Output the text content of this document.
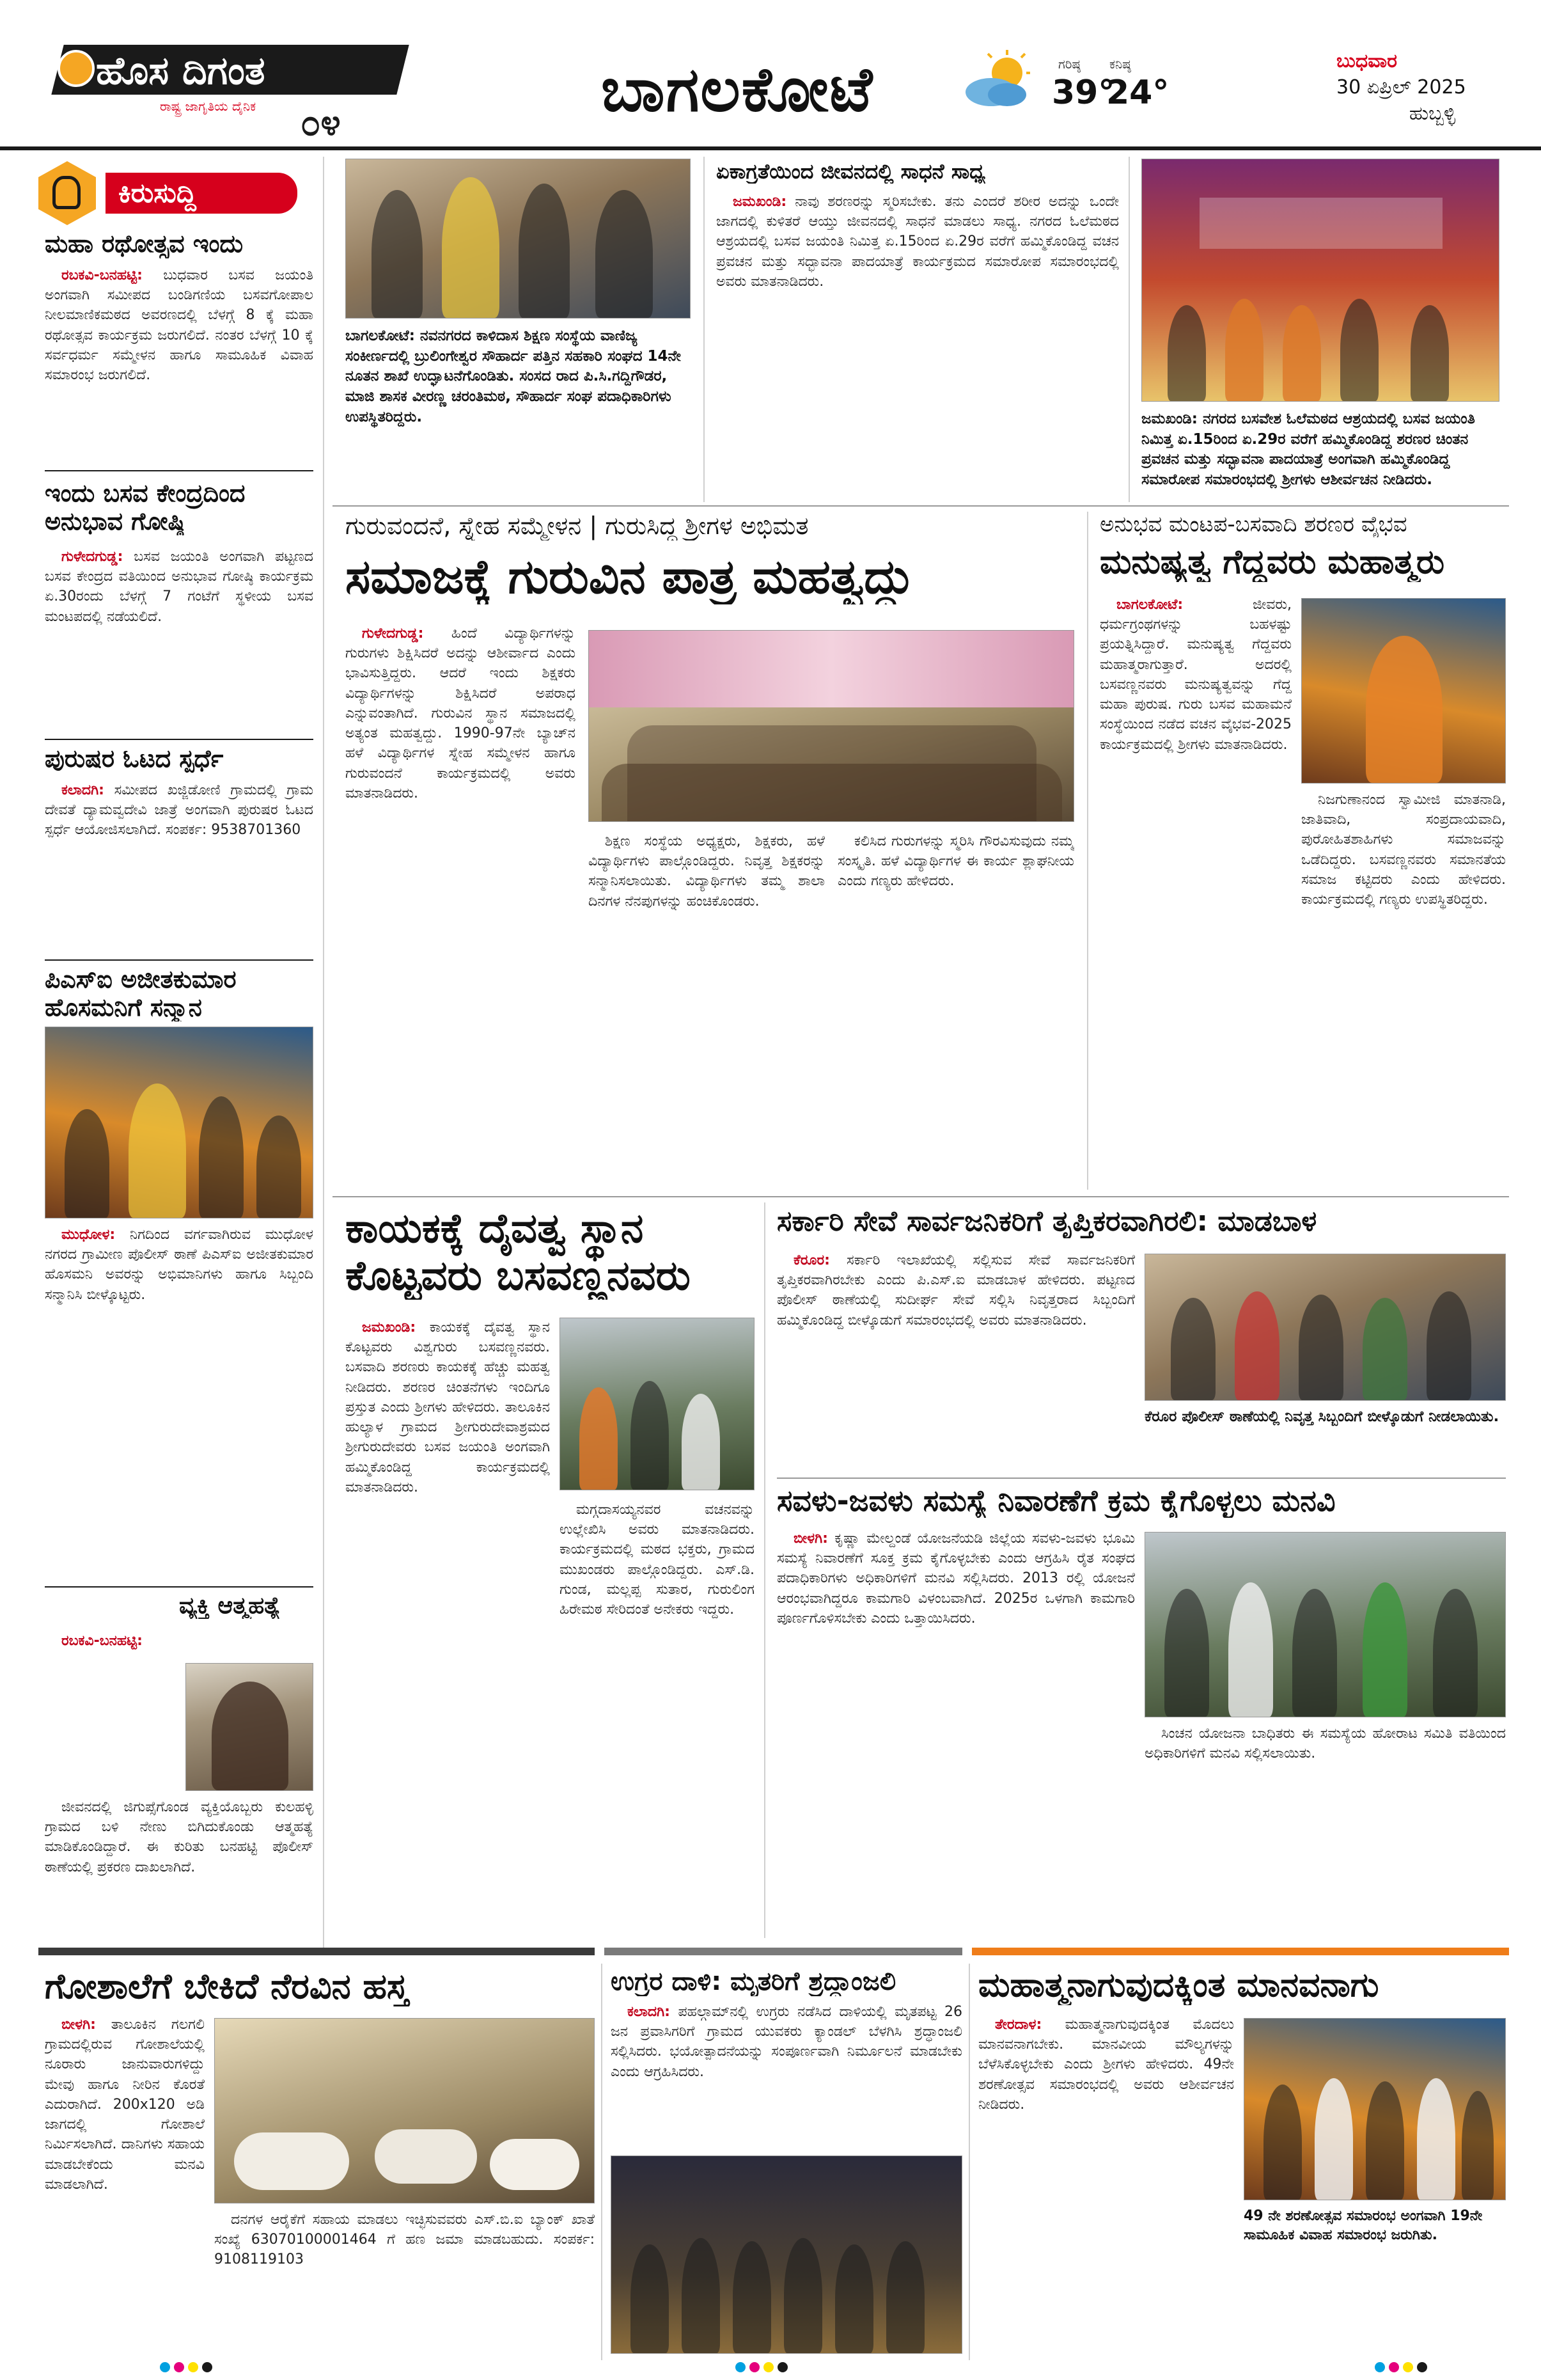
ಹೊಸ ದಿಗಂತ
ರಾಷ್ಟ್ರ ಜಾಗೃತಿಯ ದೈನಿಕ ೦೪	ಬಾಗಲಕೋಟೆ	ಗರಿಷ್ಠ
39°
ಕನಿಷ್ಠ
24°
ಬುಧವಾರ
30 ಏಪ್ರಿಲ್ 2025
ಹುಬ್ಬಳ್ಳಿ
ಕಿರುಸುದ್ದಿ
ಮಹಾ ರಥೋತ್ಸವ ಇಂದು

ರಬಕವಿ-ಬನಹಟ್ಟಿ: ಬುಧವಾರ ಬಸವ ಜಯಂತಿ ಅಂಗವಾಗಿ ಸಮೀಪದ ಬಂಡಿಗಣಿಯ ಬಸವಗೋಪಾಲ ನೀಲಮಾಣಿಕಮಠದ ಅವರಣದಲ್ಲಿ ಬೆಳಗ್ಗೆ 8 ಕ್ಕೆ ಮಹಾ ರಥೋತ್ಸವ ಕಾರ್ಯಕ್ರಮ ಜರುಗಲಿದೆ. ನಂತರ ಬೆಳಗ್ಗೆ 10 ಕ್ಕೆ ಸರ್ವಧರ್ಮ ಸಮ್ಮೇಳನ ಹಾಗೂ ಸಾಮೂಹಿಕ ವಿವಾಹ ಸಮಾರಂಭ ಜರುಗಲಿದೆ.

ಇಂದು ಬಸವ ಕೇಂದ್ರದಿಂದ ಅನುಭಾವ ಗೋಷ್ಠಿ

ಗುಳೇದಗುಡ್ಡ: ಬಸವ ಜಯಂತಿ ಅಂಗವಾಗಿ ಪಟ್ಟಣದ ಬಸವ ಕೇಂದ್ರದ ವತಿಯಿಂದ ಅನುಭಾವ ಗೋಷ್ಠಿ ಕಾರ್ಯಕ್ರಮ ಏ.30ರಂದು ಬೆಳಗ್ಗೆ 7 ಗಂಟೆಗೆ ಸ್ಥಳೀಯ ಬಸವ ಮಂಟಪದಲ್ಲಿ ನಡೆಯಲಿದೆ.

ಪುರುಷರ ಓಟದ ಸ್ಪರ್ಧೆ

ಕಲಾದಗಿ: ಸಮೀಪದ ಖಜ್ಜಿಡೋಣಿ ಗ್ರಾಮದಲ್ಲಿ ಗ್ರಾಮ ದೇವತೆ ದ್ಯಾಮವ್ವದೇವಿ ಜಾತ್ರೆ ಅಂಗವಾಗಿ ಪುರುಷರ ಓಟದ ಸ್ಪರ್ಧೆ ಆಯೋಜಿಸಲಾಗಿದೆ. ಸಂಪರ್ಕ: 9538701360

ಪಿಎಸ್‌ಐ ಅಜೀತಕುಮಾರ ಹೊಸಮನಿಗೆ ಸನ್ಮಾನ

ಮುಧೋಳ: ನಿಗದಿಂದ ವರ್ಗವಾಗಿರುವ ಮುಧೋಳ ನಗರದ ಗ್ರಾಮೀಣ ಪೊಲೀಸ್ ಠಾಣೆ ಪಿಎಸ್‌ಐ ಅಜೀತಕುಮಾರ ಹೊಸಮನಿ ಅವರನ್ನು ಅಭಿಮಾನಿಗಳು ಹಾಗೂ ಸಿಬ್ಬಂದಿ ಸನ್ಮಾನಿಸಿ ಬೀಳ್ಕೊಟ್ಟರು.

ವ್ಯಕ್ತಿ ಆತ್ಮಹತ್ಯೆ

ರಬಕವಿ-ಬನಹಟ್ಟಿ:

ಜೀವನದಲ್ಲಿ ಜಿಗುಪ್ಸೆಗೊಂಡ ವ್ಯಕ್ತಿಯೊಬ್ಬರು ಕುಲಹಳ್ಳಿ ಗ್ರಾಮದ ಬಳಿ ನೇಣು ಬಿಗಿದುಕೊಂಡು ಆತ್ಮಹತ್ಯೆ ಮಾಡಿಕೊಂಡಿದ್ದಾರೆ. ಈ ಕುರಿತು ಬನಹಟ್ಟಿ ಪೊಲೀಸ್ ಠಾಣೆಯಲ್ಲಿ ಪ್ರಕರಣ ದಾಖಲಾಗಿದೆ.

ಬಾಗಲಕೋಟೆ: ನವನಗರದ ಕಾಳಿದಾಸ ಶಿಕ್ಷಣ ಸಂಸ್ಥೆಯ ವಾಣಿಜ್ಯ ಸಂಕೀರ್ಣದಲ್ಲಿ ಬ್ರುಲಿಂಗೇಶ್ವರ ಸೌಹಾರ್ದ ಪತ್ತಿನ ಸಹಕಾರಿ ಸಂಘದ 14ನೇ ನೂತನ ಶಾಖೆ ಉದ್ಘಾಟನೆಗೊಂಡಿತು. ಸಂಸದ ರಾದ ಪಿ.ಸಿ.ಗದ್ದಿಗೌಡರ, ಮಾಜಿ ಶಾಸಕ ವೀರಣ್ಣ ಚರಂತಿಮಠ, ಸೌಹಾರ್ದ ಸಂಘ ಪದಾಧಿಕಾರಿಗಳು ಉಪಸ್ಥಿತರಿದ್ದರು.
ಏಕಾಗ್ರತೆಯಿಂದ ಜೀವನದಲ್ಲಿ ಸಾಧನೆ ಸಾಧ್ಯ

ಜಮಖಂಡಿ: ನಾವು ಶರಣರನ್ನು ಸ್ಮರಿಸಬೇಕು. ತನು ಎಂದರೆ ಶರೀರ ಅದನ್ನು ಒಂದೇ ಜಾಗದಲ್ಲಿ ಕುಳಿತರೆ ಆಯ್ತು ಜೀವನದಲ್ಲಿ ಸಾಧನೆ ಮಾಡಲು ಸಾಧ್ಯ. ನಗರದ ಓಲೆಮಠದ ಆಶ್ರಯದಲ್ಲಿ ಬಸವ ಜಯಂತಿ ನಿಮಿತ್ತ ಏ.15ರಿಂದ ಏ.29ರ ವರೆಗೆ ಹಮ್ಮಿಕೊಂಡಿದ್ದ ವಚನ ಪ್ರವಚನ ಮತ್ತು ಸದ್ಭಾವನಾ ಪಾದಯಾತ್ರೆ ಕಾರ್ಯಕ್ರಮದ ಸಮಾರೋಪ ಸಮಾರಂಭದಲ್ಲಿ ಅವರು ಮಾತನಾಡಿದರು.

ಜಮಖಂಡಿ: ನಗರದ ಬಸವೇಶ ಓಲೆಮಠದ ಆಶ್ರಯದಲ್ಲಿ ಬಸವ ಜಯಂತಿ ನಿಮಿತ್ತ ಏ.15ರಿಂದ ಏ.29ರ ವರೆಗೆ ಹಮ್ಮಿಕೊಂಡಿದ್ದ ಶರಣರ ಚಿಂತನ ಪ್ರವಚನ ಮತ್ತು ಸದ್ಭಾವನಾ ಪಾದಯಾತ್ರೆ ಅಂಗವಾಗಿ ಹಮ್ಮಿಕೊಂಡಿದ್ದ ಸಮಾರೋಪ ಸಮಾರಂಭದಲ್ಲಿ ಶ್ರೀಗಳು ಆಶೀರ್ವಚನ ನೀಡಿದರು.
ಗುರುವಂದನೆ, ಸ್ನೇಹ ಸಮ್ಮೇಳನ | ಗುರುಸಿದ್ಧ ಶ್ರೀಗಳ ಅಭಿಮತ
ಸಮಾಜಕ್ಕೆ ಗುರುವಿನ ಪಾತ್ರ ಮಹತ್ವದ್ದು

ಗುಳೇದಗುಡ್ಡ: ಹಿಂದೆ ವಿದ್ಯಾರ್ಥಿಗಳನ್ನು ಗುರುಗಳು ಶಿಕ್ಷಿಸಿದರೆ ಅದನ್ನು ಆಶೀರ್ವಾದ ಎಂದು ಭಾವಿಸುತ್ತಿದ್ದರು. ಆದರೆ ಇಂದು ಶಿಕ್ಷಕರು ವಿದ್ಯಾರ್ಥಿಗಳನ್ನು ಶಿಕ್ಷಿಸಿದರೆ ಅಪರಾಧ ಎನ್ನುವಂತಾಗಿದೆ. ಗುರುವಿನ ಸ್ಥಾನ ಸಮಾಜದಲ್ಲಿ ಅತ್ಯಂತ ಮಹತ್ವದ್ದು. 1990-97ನೇ ಬ್ಯಾಚ್‌ನ ಹಳೆ ವಿದ್ಯಾರ್ಥಿಗಳ ಸ್ನೇಹ ಸಮ್ಮೇಳನ ಹಾಗೂ ಗುರುವಂದನೆ ಕಾರ್ಯಕ್ರಮದಲ್ಲಿ ಅವರು ಮಾತನಾಡಿದರು.

ಶಿಕ್ಷಣ ಸಂಸ್ಥೆಯ ಅಧ್ಯಕ್ಷರು, ಶಿಕ್ಷಕರು, ಹಳೆ ವಿದ್ಯಾರ್ಥಿಗಳು ಪಾಲ್ಗೊಂಡಿದ್ದರು. ನಿವೃತ್ತ ಶಿಕ್ಷಕರನ್ನು ಸನ್ಮಾನಿಸಲಾಯಿತು. ವಿದ್ಯಾರ್ಥಿಗಳು ತಮ್ಮ ಶಾಲಾ ದಿನಗಳ ನೆನಪುಗಳನ್ನು ಹಂಚಿಕೊಂಡರು.

ಕಲಿಸಿದ ಗುರುಗಳನ್ನು ಸ್ಮರಿಸಿ ಗೌರವಿಸುವುದು ನಮ್ಮ ಸಂಸ್ಕೃತಿ. ಹಳೆ ವಿದ್ಯಾರ್ಥಿಗಳ ಈ ಕಾರ್ಯ ಶ್ಲಾಘನೀಯ ಎಂದು ಗಣ್ಯರು ಹೇಳಿದರು.

ಅನುಭವ ಮಂಟಪ-ಬಸವಾದಿ ಶರಣರ ವೈಭವ
ಮನುಷ್ಯತ್ವ ಗೆದ್ದವರು ಮಹಾತ್ಮರು

ಬಾಗಲಕೋಟೆ:	ಜೀವರು, ಧರ್ಮಗ್ರಂಥಗಳನ್ನು ಬಹಳಷ್ಟು ಪ್ರಯತ್ನಿಸಿದ್ದಾರೆ. ಮನುಷ್ಯತ್ವ ಗೆದ್ದವರು ಮಹಾತ್ಮರಾಗುತ್ತಾರೆ. ಅದರಲ್ಲಿ ಬಸವಣ್ಣನವರು ಮನುಷ್ಯತ್ವವನ್ನು ಗೆದ್ದ ಮಹಾ ಪುರುಷ. ಗುರು ಬಸವ ಮಹಾಮನೆ ಸಂಸ್ಥೆಯಿಂದ ನಡೆದ ವಚನ ವೈಭವ-2025 ಕಾರ್ಯಕ್ರಮದಲ್ಲಿ ಶ್ರೀಗಳು ಮಾತನಾಡಿದರು.

ನಿಜಗುಣಾನಂದ ಸ್ವಾಮೀಜಿ ಮಾತನಾಡಿ, ಜಾತಿವಾದಿ, ಸಂಪ್ರದಾಯವಾದಿ, ಪುರೋಹಿತಶಾಹಿಗಳು ಸಮಾಜವನ್ನು ಒಡೆದಿದ್ದರು. ಬಸವಣ್ಣನವರು ಸಮಾನತೆಯ ಸಮಾಜ ಕಟ್ಟಿದರು ಎಂದು ಹೇಳಿದರು. ಕಾರ್ಯಕ್ರಮದಲ್ಲಿ ಗಣ್ಯರು ಉಪಸ್ಥಿತರಿದ್ದರು.

ಕಾಯಕಕ್ಕೆ ದೈವತ್ವ ಸ್ಥಾನ ಕೊಟ್ಟವರು ಬಸವಣ್ಣನವರು

ಜಮಖಂಡಿ: ಕಾಯಕಕ್ಕೆ ದೈವತ್ವ ಸ್ಥಾನ ಕೊಟ್ಟವರು ವಿಶ್ವಗುರು ಬಸವಣ್ಣನವರು. ಬಸವಾದಿ ಶರಣರು ಕಾಯಕಕ್ಕೆ ಹೆಚ್ಚು ಮಹತ್ವ ನೀಡಿದರು. ಶರಣರ ಚಿಂತನೆಗಳು ಇಂದಿಗೂ ಪ್ರಸ್ತುತ ಎಂದು ಶ್ರೀಗಳು ಹೇಳಿದರು. ತಾಲೂಕಿನ ಹುಲ್ಯಾಳ ಗ್ರಾಮದ ಶ್ರೀಗುರುದೇವಾಶ್ರಮದ ಶ್ರೀಗುರುದೇವರು ಬಸವ ಜಯಂತಿ ಅಂಗವಾಗಿ ಹಮ್ಮಿಕೊಂಡಿದ್ದ ಕಾರ್ಯಕ್ರಮದಲ್ಲಿ ಮಾತನಾಡಿದರು.

ಮಗ್ಗದಾಸಯ್ಯನವರ ವಚನವನ್ನು ಉಲ್ಲೇಖಿಸಿ ಅವರು ಮಾತನಾಡಿದರು. ಕಾರ್ಯಕ್ರಮದಲ್ಲಿ ಮಠದ ಭಕ್ತರು, ಗ್ರಾಮದ ಮುಖಂಡರು ಪಾಲ್ಗೊಂಡಿದ್ದರು. ಎಸ್.ಡಿ. ಗುಂಡ, ಮಲ್ಲಪ್ಪ ಸುತಾರ, ಗುರುಲಿಂಗ ಹಿರೇಮಠ ಸೇರಿದಂತೆ ಅನೇಕರು ಇದ್ದರು.

ಸರ್ಕಾರಿ ಸೇವೆ ಸಾರ್ವಜನಿಕರಿಗೆ ತೃಪ್ತಿಕರವಾಗಿರಲಿ: ಮಾಡಬಾಳ

ಕೆರೂರ: ಸರ್ಕಾರಿ ಇಲಾಖೆಯಲ್ಲಿ ಸಲ್ಲಿಸುವ ಸೇವೆ ಸಾರ್ವಜನಿಕರಿಗೆ ತೃಪ್ತಿಕರವಾಗಿರಬೇಕು ಎಂದು ಪಿ.ಎಸ್.ಐ ಮಾಡಬಾಳ ಹೇಳಿದರು. ಪಟ್ಟಣದ ಪೊಲೀಸ್ ಠಾಣೆಯಲ್ಲಿ ಸುದೀರ್ಘ ಸೇವೆ ಸಲ್ಲಿಸಿ ನಿವೃತ್ತರಾದ ಸಿಬ್ಬಂದಿಗೆ ಹಮ್ಮಿಕೊಂಡಿದ್ದ ಬೀಳ್ಕೊಡುಗೆ ಸಮಾರಂಭದಲ್ಲಿ ಅವರು ಮಾತನಾಡಿದರು.

ಕೆರೂರ ಪೊಲೀಸ್ ಠಾಣೆಯಲ್ಲಿ ನಿವೃತ್ತ ಸಿಬ್ಬಂದಿಗೆ ಬೀಳ್ಕೊಡುಗೆ ನೀಡಲಾಯಿತು.
ಸವಳು-ಜವಳು ಸಮಸ್ಯೆ ನಿವಾರಣೆಗೆ ಕ್ರಮ ಕೈಗೊಳ್ಳಲು ಮನವಿ

ಬೀಳಗಿ: ಕೃಷ್ಣಾ ಮೇಲ್ದಂಡೆ ಯೋಜನೆಯಡಿ ಜಿಲ್ಲೆಯ ಸವಳು-ಜವಳು ಭೂಮಿ ಸಮಸ್ಯೆ ನಿವಾರಣೆಗೆ ಸೂಕ್ತ ಕ್ರಮ ಕೈಗೊಳ್ಳಬೇಕು ಎಂದು ಆಗ್ರಹಿಸಿ ರೈತ ಸಂಘದ ಪದಾಧಿಕಾರಿಗಳು ಅಧಿಕಾರಿಗಳಿಗೆ ಮನವಿ ಸಲ್ಲಿಸಿದರು. 2013 ರಲ್ಲಿ ಯೋಜನೆ ಆರಂಭವಾಗಿದ್ದರೂ ಕಾಮಗಾರಿ ವಿಳಂಬವಾಗಿದೆ. 2025ರ ಒಳಗಾಗಿ ಕಾಮಗಾರಿ ಪೂರ್ಣಗೊಳಿಸಬೇಕು ಎಂದು ಒತ್ತಾಯಿಸಿದರು.

ಸಿಂಚನ ಯೋಜನಾ ಬಾಧಿತರು ಈ ಸಮಸ್ಯೆಯ ಹೋರಾಟ ಸಮಿತಿ ವತಿಯಿಂದ ಅಧಿಕಾರಿಗಳಿಗೆ ಮನವಿ ಸಲ್ಲಿಸಲಾಯಿತು.

ಗೋಶಾಲೆಗೆ ಬೇಕಿದೆ ನೆರವಿನ ಹಸ್ತ

ಬೀಳಗಿ: ತಾಲೂಕಿನ ಗಲಗಲಿ ಗ್ರಾಮದಲ್ಲಿರುವ ಗೋಶಾಲೆಯಲ್ಲಿ ನೂರಾರು ಜಾನುವಾರುಗಳಿದ್ದು ಮೇವು ಹಾಗೂ ನೀರಿನ ಕೊರತೆ ಎದುರಾಗಿದೆ. 200x120 ಅಡಿ ಜಾಗದಲ್ಲಿ ಗೋಶಾಲೆ ನಿರ್ಮಿಸಲಾಗಿದೆ. ದಾನಿಗಳು ಸಹಾಯ ಮಾಡಬೇಕೆಂದು ಮನವಿ ಮಾಡಲಾಗಿದೆ.

ದನಗಳ ಆರೈಕೆಗೆ ಸಹಾಯ ಮಾಡಲು ಇಚ್ಛಿಸುವವರು ಎಸ್.ಬಿ.ಐ ಬ್ಯಾಂಕ್ ಖಾತೆ ಸಂಖ್ಯೆ 63070100001464 ಗೆ ಹಣ ಜಮಾ ಮಾಡಬಹುದು. ಸಂಪರ್ಕ: 9108119103

ಉಗ್ರರ ದಾಳಿ: ಮೃತರಿಗೆ ಶ್ರದ್ಧಾಂಜಲಿ

ಕಲಾದಗಿ: ಪಹಲ್ಗಾಮ್‌ನಲ್ಲಿ ಉಗ್ರರು ನಡೆಸಿದ ದಾಳಿಯಲ್ಲಿ ಮೃತಪಟ್ಟ 26 ಜನ ಪ್ರವಾಸಿಗರಿಗೆ ಗ್ರಾಮದ ಯುವಕರು ಕ್ಯಾಂಡಲ್ ಬೆಳಗಿಸಿ ಶ್ರದ್ಧಾಂಜಲಿ ಸಲ್ಲಿಸಿದರು. ಭಯೋತ್ಪಾದನೆಯನ್ನು ಸಂಪೂರ್ಣವಾಗಿ ನಿರ್ಮೂಲನೆ ಮಾಡಬೇಕು ಎಂದು ಆಗ್ರಹಿಸಿದರು.

ಮಹಾತ್ಮನಾಗುವುದಕ್ಕಿಂತ ಮಾನವನಾಗು

ತೇರದಾಳ: ಮಹಾತ್ಮನಾಗುವುದಕ್ಕಿಂತ ಮೊದಲು ಮಾನವನಾಗಬೇಕು. ಮಾನವೀಯ ಮೌಲ್ಯಗಳನ್ನು ಬೆಳೆಸಿಕೊಳ್ಳಬೇಕು ಎಂದು ಶ್ರೀಗಳು ಹೇಳಿದರು. 49ನೇ ಶರಣೋತ್ಸವ ಸಮಾರಂಭದಲ್ಲಿ ಅವರು ಆಶೀರ್ವಚನ ನೀಡಿದರು.

49 ನೇ ಶರಣೋತ್ಸವ ಸಮಾರಂಭ ಅಂಗವಾಗಿ 19ನೇ ಸಾಮೂಹಿಕ ವಿವಾಹ ಸಮಾರಂಭ ಜರುಗಿತು.
